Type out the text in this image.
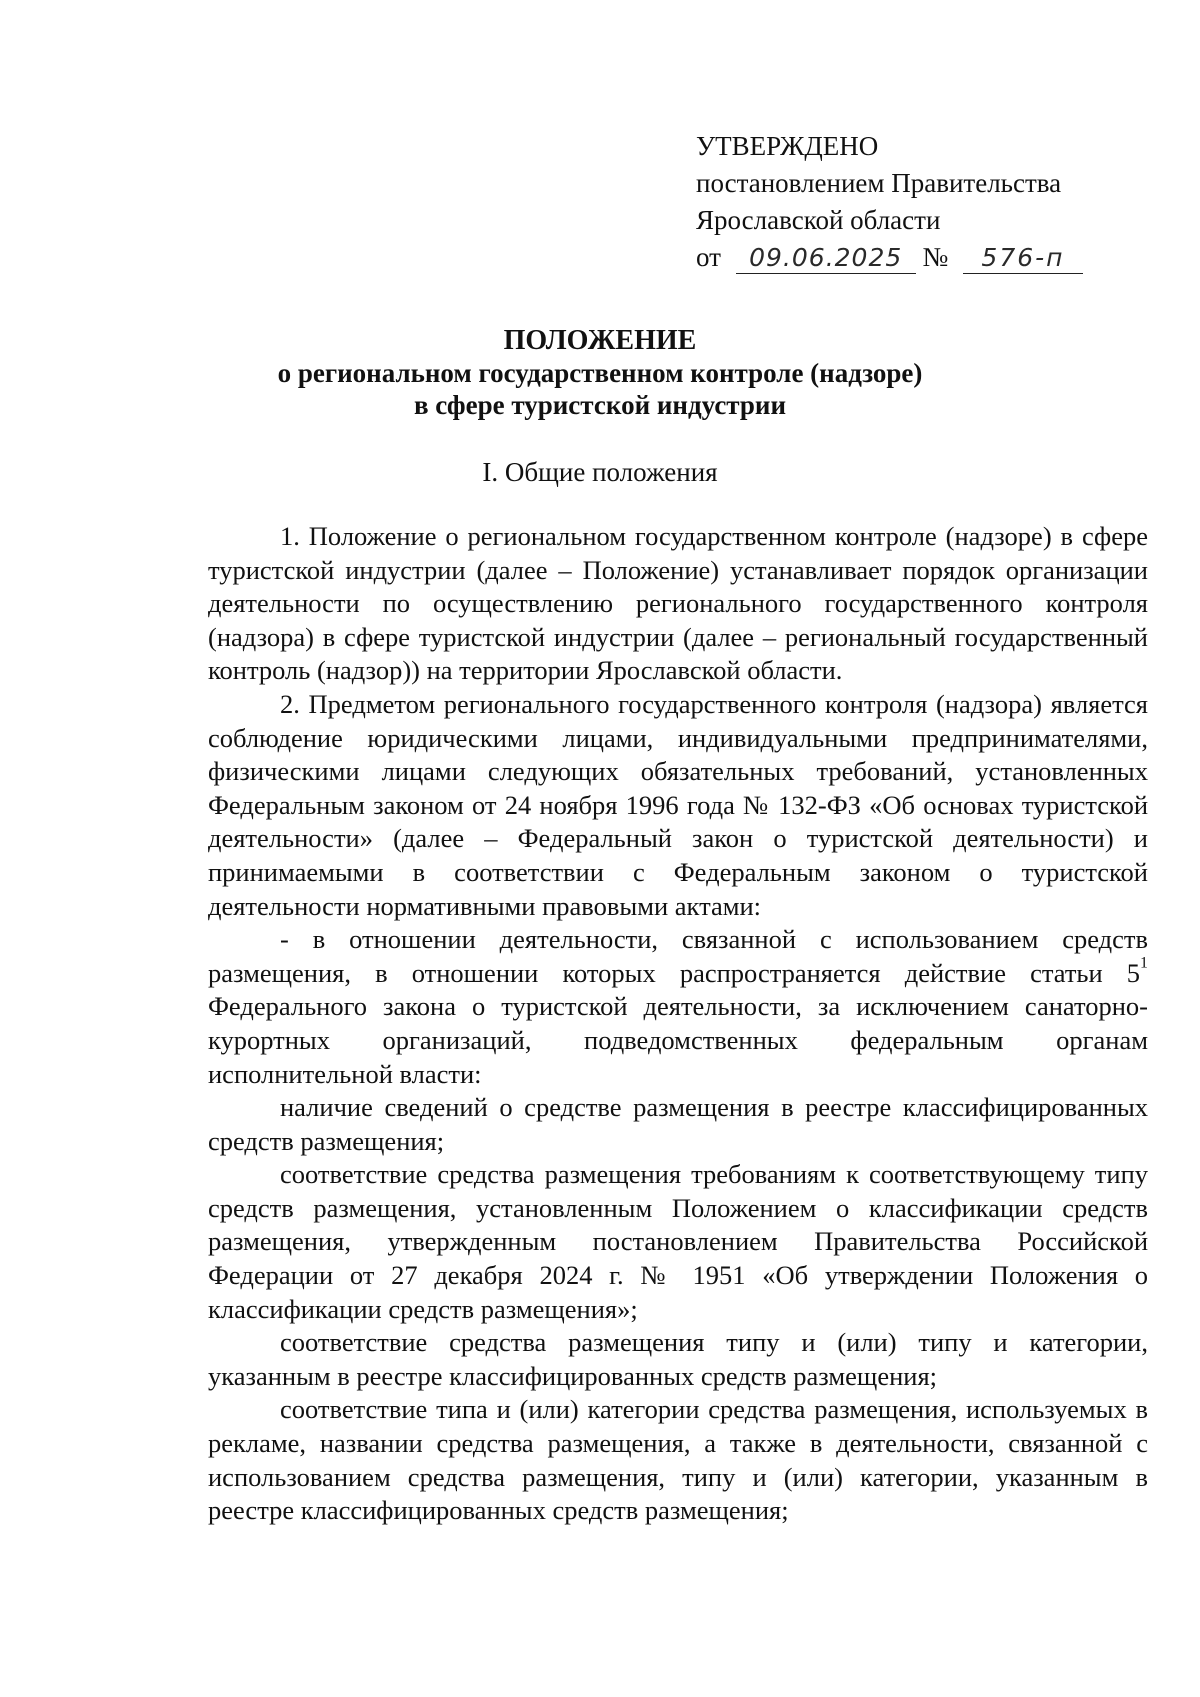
УТВЕРЖДЕНО
постановлением Правительства
Ярославской области
от 09.06.2025 № 576-п

ПОЛОЖЕНИЕ

о региональном государственном контроле (надзоре)

в сфере туристской индустрии

I. Общие положения

1. Положение о региональном государственном контроле (надзоре) в сфере туристской индустрии (далее – Положение) устанавливает порядок организации деятельности по осуществлению регионального государственного контроля (надзора) в сфере туристской индустрии (далее – региональный государственный контроль (надзор)) на территории Ярославской области.

2. Предметом регионального государственного контроля (надзора) является соблюдение юридическими лицами, индивидуальными предпринимателями, физическими лицами следующих обязательных требований, установленных Федеральным законом от 24 ноября 1996 года № 132-ФЗ «Об основах туристской деятельности» (далее – Федеральный закон о туристской деятельности) и принимаемыми в соответствии с Федеральным законом о туристской деятельности нормативными правовыми актами:

- в отношении деятельности, связанной с использованием средств размещения, в отношении которых распространяется действие статьи $5^1$ Федерального закона о туристской деятельности, за исключением санаторно-курортных организаций, подведомственных федеральным органам исполнительной власти:

наличие сведений о средстве размещения в реестре классифицированных средств размещения;

соответствие средства размещения требованиям к соответствующему типу средств размещения, установленным Положением о классификации средств размещения, утвержденным постановлением Правительства Российской Федерации от 27 декабря 2024 г. № 1951 «Об утверждении Положения о классификации средств размещения»;

соответствие средства размещения типу и (или) типу и категории, указанным в реестре классифицированных средств размещения;

соответствие типа и (или) категории средства размещения, используемых в рекламе, названии средства размещения, а также в деятельности, связанной с использованием средства размещения, типу и (или) категории, указанным в реестре классифицированных средств размещения;
